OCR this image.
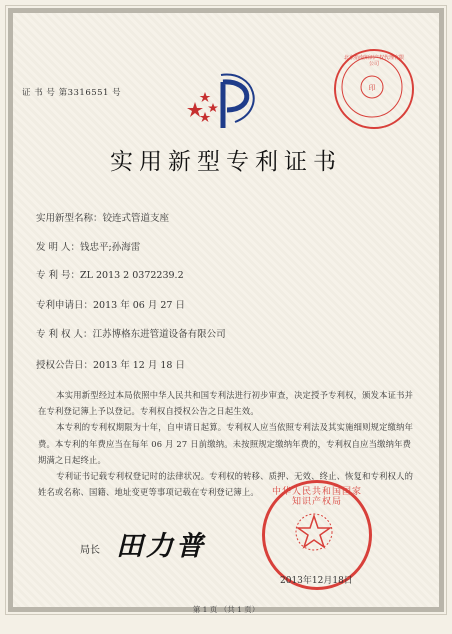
印
北京指南知识产权代理有限公司
证 书 号 第3316551 号
实用新型专利证书
实用新型名称：铰连式管道支座
发 明 人：钱忠平;孙海雷
专 利 号：ZL 2013 2 0372239.2
专利申请日：2013 年 06 月 27 日
专 利 权 人：江苏博格东进管道设备有限公司
授权公告日：2013 年 12 月 18 日
本实用新型经过本局依照中华人民共和国专利法进行初步审查，决定授予专利权，颁发本证书并在专利登记簿上予以登记。专利权自授权公告之日起生效。
本专利的专利权期限为十年，自申请日起算。专利权人应当依照专利法及其实施细则规定缴纳年费。本专利的年费应当在每年 06 月 27 日前缴纳。未按照规定缴纳年费的，专利权自应当缴纳年费期满之日起终止。
专利证书记载专利权登记时的法律状况。专利权的转移、质押、无效、终止、恢复和专利权人的姓名或名称、国籍、地址变更等事项记载在专利登记簿上。
局长 田力普
中华人民共和国国家知识产权局
2013年12月18日
第 1 页 （共 1 页）
